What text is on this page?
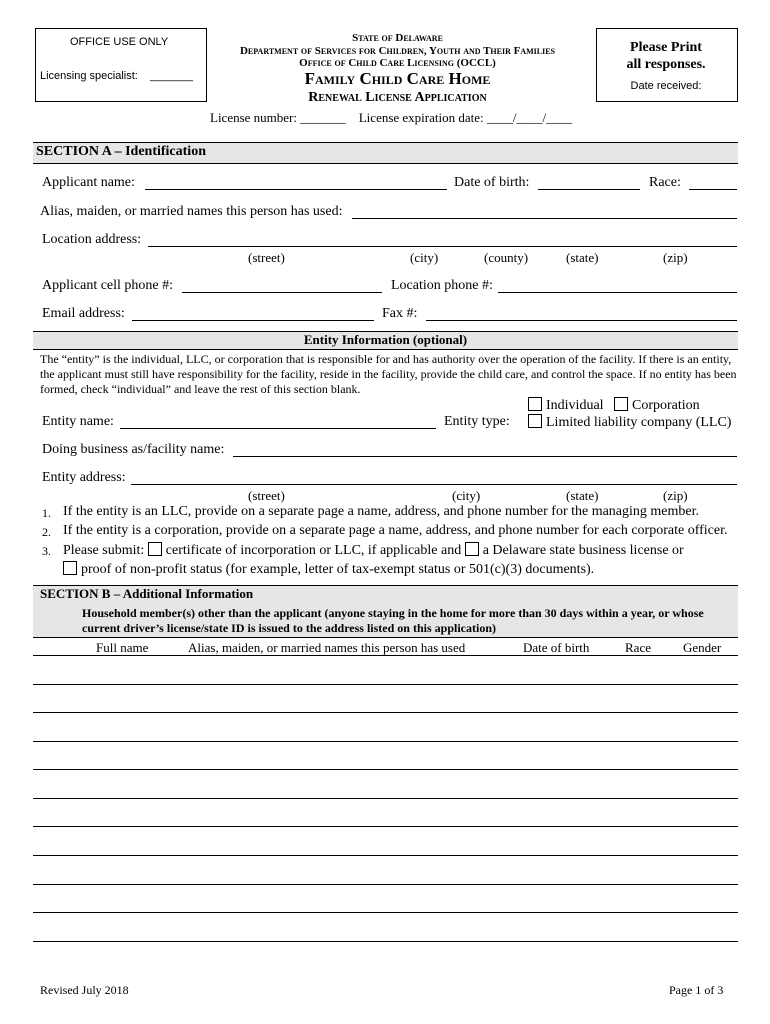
OFFICE USE ONLY
Licensing specialist: _______
State of Delaware
Department of Services for Children, Youth and Their Families
Office of Child Care Licensing (OCCL)
Family Child Care Home
Renewal License Application
License number: _______    License expiration date: ____/____/____
Please Print
all responses.
Date received:
SECTION A – Identification
Applicant name:	Date of birth:	Race:
Alias, maiden, or married names this person has used:
Location address:
(street)	(city)	(county)	(state)	(zip)
Applicant cell phone #:	Location phone #:
Email address:	Fax #:
Entity Information (optional)
The “entity” is the individual, LLC, or corporation that is responsible for and has authority over the operation of the facility. If there is an entity, the applicant must still have responsibility for the facility, reside in the facility, provide the child care, and control the space. If no entity has been formed, check “individual” and leave the rest of this section blank.
Individual	Corporation
Limited liability company (LLC)
Entity name:	Entity type:
Doing business as/facility name:
Entity address:
(street)	(city)	(state)	(zip)
1. If the entity is an LLC, provide on a separate page a name, address, and phone number for the managing member.
2. If the entity is a corporation, provide on a separate page a name, address, and phone number for each corporate officer.
3. Please submit: certificate of incorporation or LLC, if applicable and a Delaware state business license or
proof of non-profit status (for example, letter of tax-exempt status or 501(c)(3) documents).
SECTION B – Additional Information
Household member(s) other than the applicant (anyone staying in the home for more than 30 days within a year, or whose current driver’s license/state ID is issued to the address listed on this application)
Full name	Alias, maiden, or married names this person has used	Date of birth	Race Gender
Revised July 2018	Page 1 of 3
